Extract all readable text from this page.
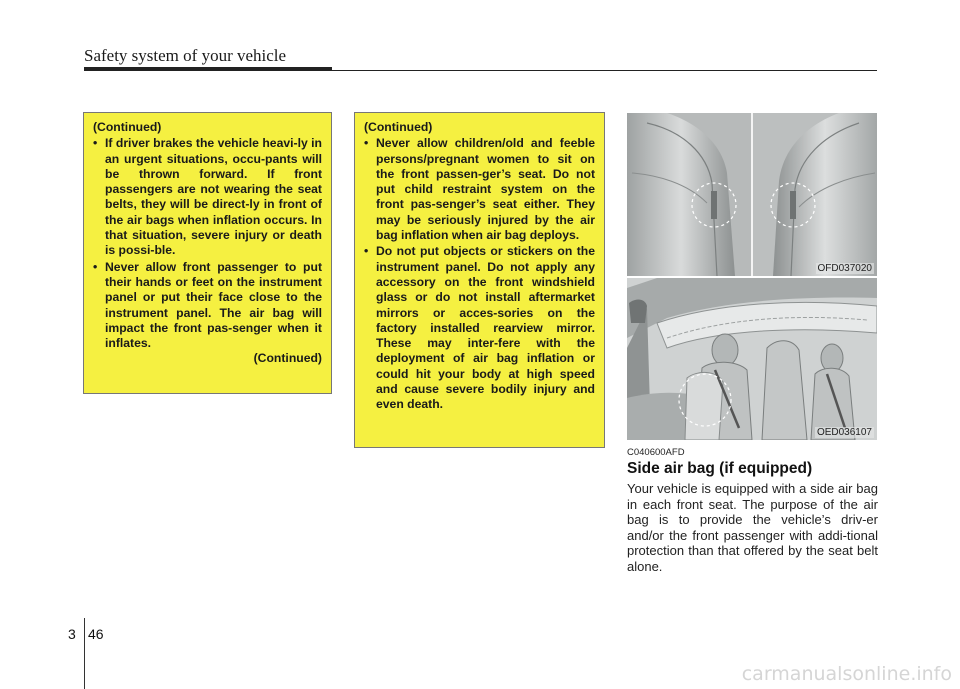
Safety system of your vehicle
(Continued)
• If driver brakes the vehicle heavi-ly in an urgent situations, occu-pants will be thrown forward. If front passengers are not wearing the seat belts, they will be direct-ly in front of the air bags when inflation occurs. In that situation, severe injury or death is possi-ble.
• Never allow front passenger to put their hands or feet on the instrument panel or put their face close to the instrument panel. The air bag will impact the front pas-senger when it inflates.
(Continued)
(Continued)
• Never allow children/old and feeble persons/pregnant women to sit on the front passen-ger’s seat. Do not put child restraint system on the front pas-senger’s seat either. They may be seriously injured by the air bag inflation when air bag deploys.
• Do not put objects or stickers on the instrument panel. Do not apply any accessory on the front windshield glass or do not install aftermarket mirrors or acces-sories on the factory installed rearview mirror. These may inter-fere with the deployment of air bag inflation or could hit your body at high speed and cause severe bodily injury and even death.
OFD037020
OED036107
C040600AFD
Side air bag (if equipped)
Your vehicle is equipped with a side air bag in each front seat. The purpose of the air bag is to provide the vehicle’s driv-er and/or the front passenger with addi-tional protection than that offered by the seat belt alone.
3 46
carmanualsonline.info
